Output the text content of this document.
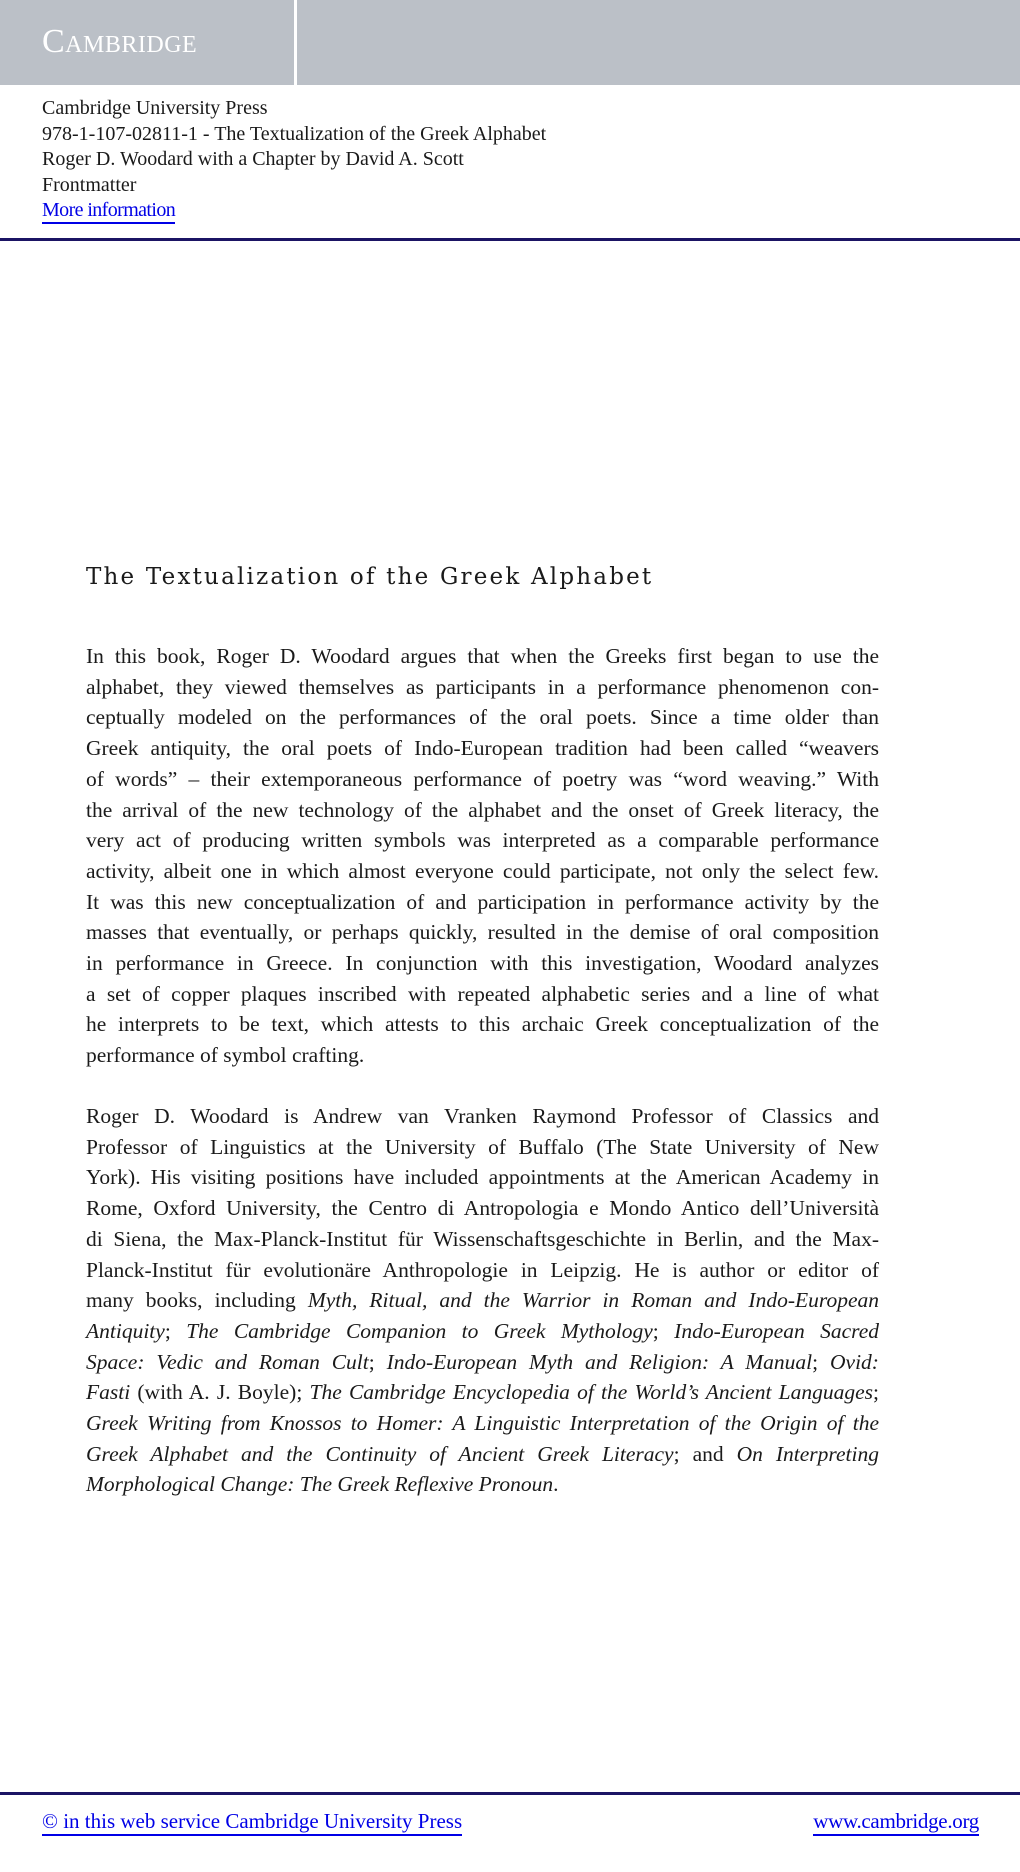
Cambridge
Cambridge University Press
978-1-107-02811-1 - The Textualization of the Greek Alphabet
Roger D. Woodard with a Chapter by David A. Scott
Frontmatter
More information
The Textualization of the Greek Alphabet
In this book, Roger D. Woodard argues that when the Greeks first began to use the
alphabet, they viewed themselves as participants in a performance phenomenon con-
ceptually modeled on the performances of the oral poets. Since a time older than
Greek antiquity, the oral poets of Indo-European tradition had been called “weavers
of words” – their extemporaneous performance of poetry was “word weaving.” With
the arrival of the new technology of the alphabet and the onset of Greek literacy, the
very act of producing written symbols was interpreted as a comparable performance
activity, albeit one in which almost everyone could participate, not only the select few.
It was this new conceptualization of and participation in performance activity by the
masses that eventually, or perhaps quickly, resulted in the demise of oral composition
in performance in Greece. In conjunction with this investigation, Woodard analyzes
a set of copper plaques inscribed with repeated alphabetic series and a line of what
he interprets to be text, which attests to this archaic Greek conceptualization of the
performance of symbol crafting.
Roger D. Woodard is Andrew van Vranken Raymond Professor of Classics and
Professor of Linguistics at the University of Buffalo (The State University of New
York). His visiting positions have included appointments at the American Academy in
Rome, Oxford University, the Centro di Antropologia e Mondo Antico dell’Università
di Siena, the Max-Planck-Institut für Wissenschaftsgeschichte in Berlin, and the Max-
Planck-Institut für evolutionäre Anthropologie in Leipzig. He is author or editor of
many books, including Myth, Ritual, and the Warrior in Roman and Indo-European
Antiquity; The Cambridge Companion to Greek Mythology; Indo-European Sacred
Space: Vedic and Roman Cult; Indo-European Myth and Religion: A Manual; Ovid:
Fasti (with A. J. Boyle); The Cambridge Encyclopedia of the World’s Ancient Languages;
Greek Writing from Knossos to Homer: A Linguistic Interpretation of the Origin of the
Greek Alphabet and the Continuity of Ancient Greek Literacy; and On Interpreting
Morphological Change: The Greek Reflexive Pronoun.
© in this web service Cambridge University Press	www.cambridge.org
